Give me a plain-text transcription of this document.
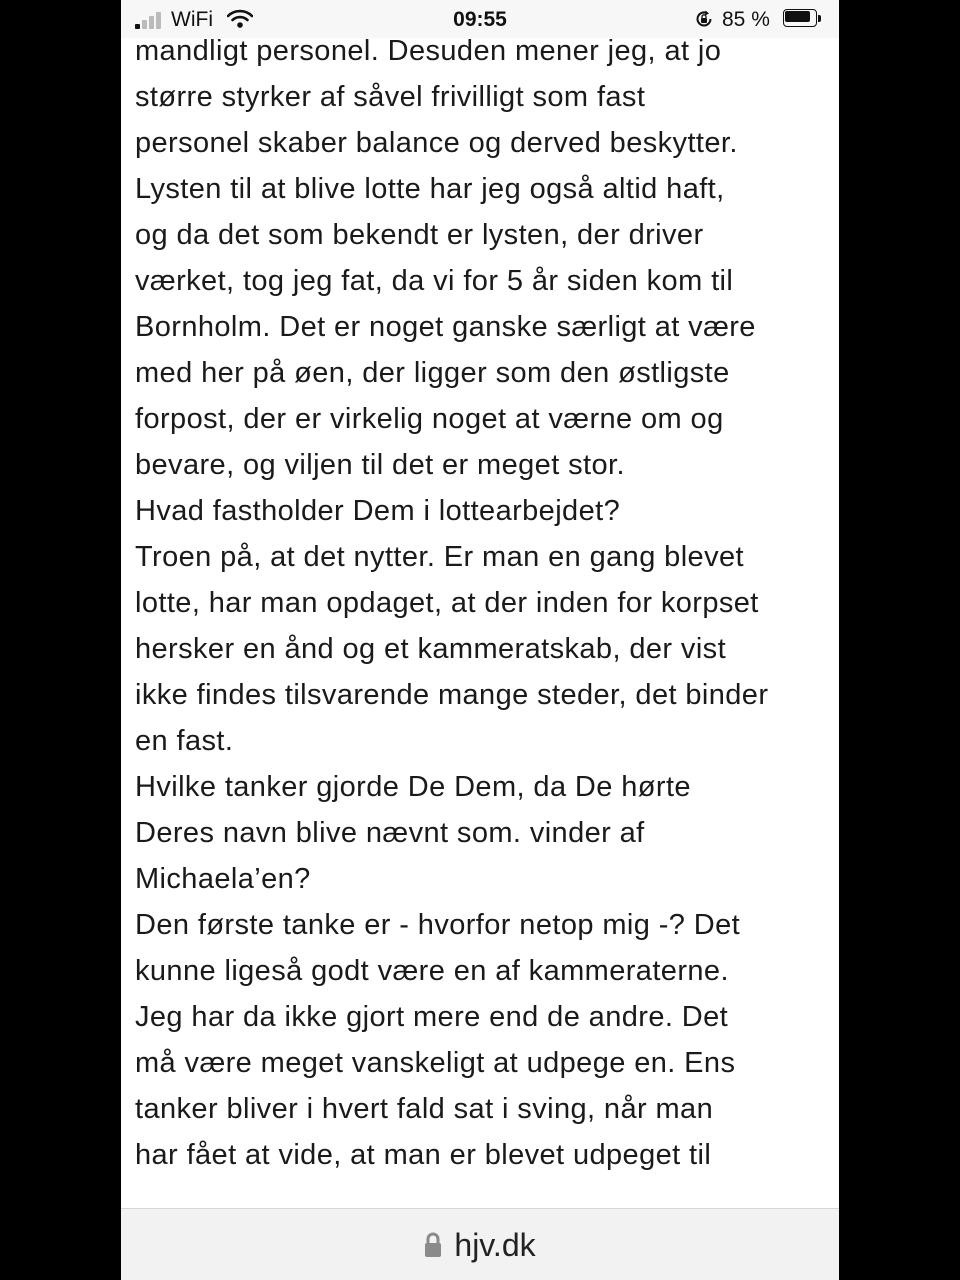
WiFi	09:55	85 %
mandligt personel. Desuden mener jeg, at jo
større styrker af såvel frivilligt som fast
personel skaber balance og derved beskytter.
Lysten til at blive lotte har jeg også altid haft,
og da det som bekendt er lysten, der driver
værket, tog jeg fat, da vi for 5 år siden kom til
Bornholm. Det er noget ganske særligt at være
med her på øen, der ligger som den østligste
forpost, der er virkelig noget at værne om og
bevare, og viljen til det er meget stor.
Hvad fastholder Dem i lottearbejdet?
Troen på, at det nytter. Er man en gang blevet
lotte, har man opdaget, at der inden for korpset
hersker en ånd og et kammeratskab, der vist
ikke findes tilsvarende mange steder, det binder
en fast.
Hvilke tanker gjorde De Dem, da De hørte
Deres navn blive nævnt som. vinder af
Michaela’en?
Den første tanke er - hvorfor netop mig -? Det
kunne ligeså godt være en af kammeraterne.
Jeg har da ikke gjort mere end de andre. Det
må være meget vanskeligt at udpege en. Ens
tanker bliver i hvert fald sat i sving, når man
har fået at vide, at man er blevet udpeget til
hjv.dk
